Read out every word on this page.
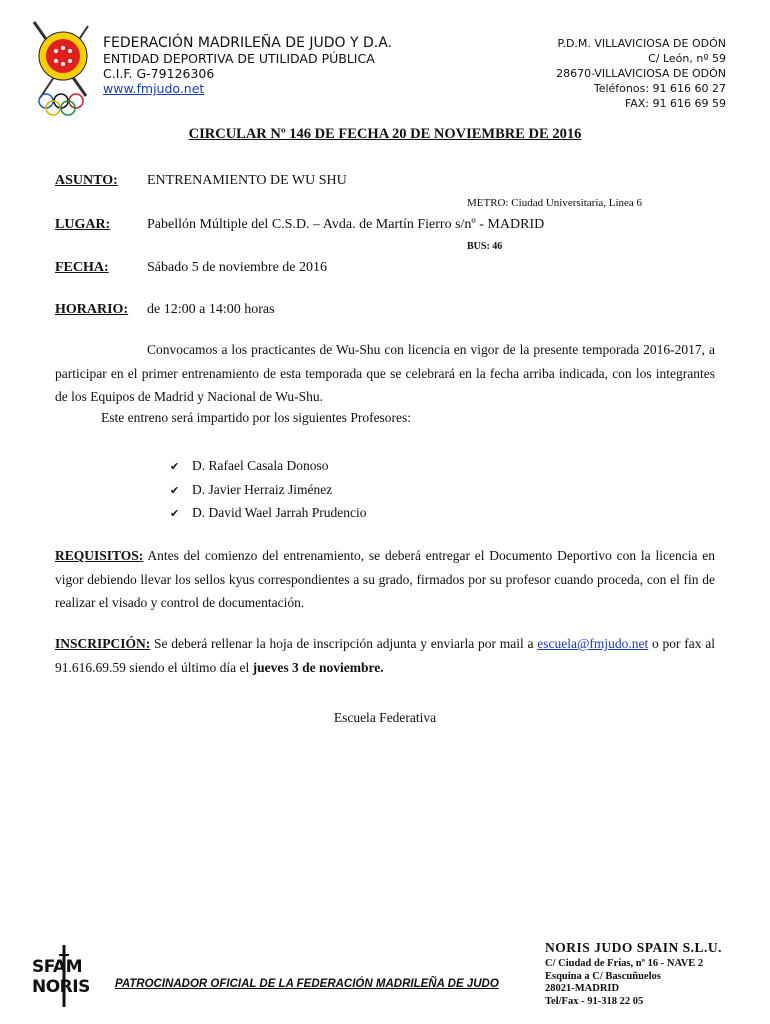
FEDERACIÓN MADRILEÑA DE JUDO Y D.A.
ENTIDAD DEPORTIVA DE UTILIDAD PÚBLICA
C.I.F. G-79126306
www.fmjudo.net
P.D.M. VILLAVICIOSA DE ODÓN
C/ León, nº 59
28670-VILLAVICIOSA DE ODÓN
Teléfonos: 91 616 60 27
FAX: 91 616 69 59
CIRCULAR Nº 146 DE FECHA 20 DE NOVIEMBRE DE 2016
ASUNTO: ENTRENAMIENTO DE WU SHU
METRO: Ciudad Universitaria, Línea 6
LUGAR:	Pabellón Múltiple del C.S.D. – Avda. de Martín Fierro s/nº - MADRID
BUS: 46
FECHA:	Sábado 5 de noviembre de 2016
HORARIO: de 12:00 a 14:00 horas
Convocamos a los practicantes de Wu-Shu con licencia en vigor de la presente temporada 2016-2017, a participar en el primer entrenamiento de esta temporada que se celebrará en la fecha arriba indicada, con los integrantes de los Equipos de Madrid y Nacional de Wu-Shu.
Este entreno será impartido por los siguientes Profesores:
✔ D. Rafael Casala Donoso
✔ D. Javier Herraiz Jiménez
✔ D. David Wael Jarrah Prudencio
REQUISITOS: Antes del comienzo del entrenamiento, se deberá entregar el Documento Deportivo con la licencia en vigor debiendo llevar los sellos kyus correspondientes a su grado, firmados por su profesor cuando proceda, con el fin de realizar el visado y control de documentación.
INSCRIPCIÓN: Se deberá rellenar la hoja de inscripción adjunta y enviarla por mail a escuela@fmjudo.net o por fax al 91.616.69.59 siendo el último día el jueves 3 de noviembre.
Escuela Federativa
SFAM
NORIS	PATROCINADOR OFICIAL DE LA FEDERACIÓN MADRILEÑA DE JUDO
NORIS JUDO SPAIN S.L.U.
C/ Ciudad de Frías, nº 16 - NAVE 2
Esquina a C/ Bascuñuelos
28021-MADRID
Tel/Fax - 91-318 22 05
